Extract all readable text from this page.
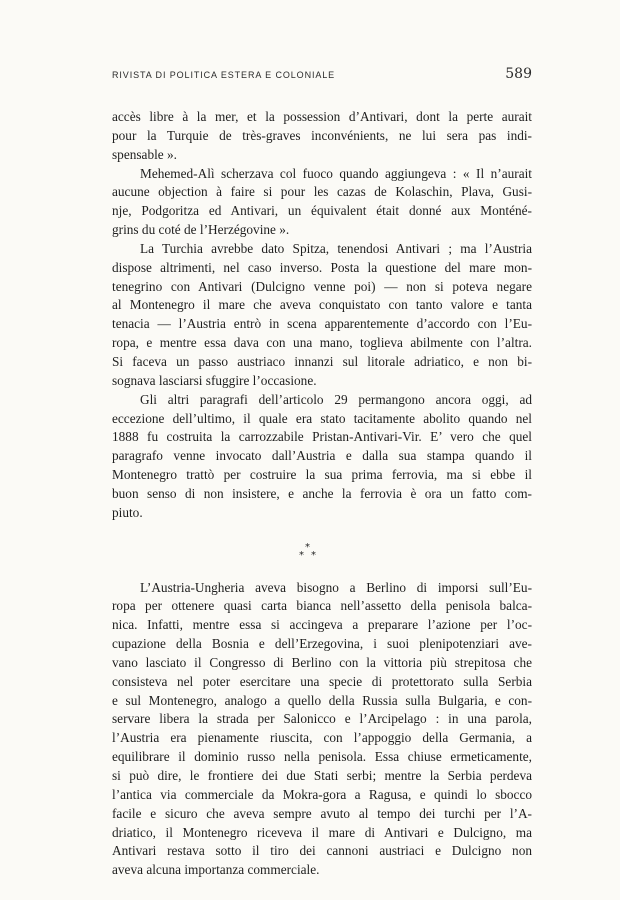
RIVISTA DI POLITICA ESTERA E COLONIALE	589
accès libre à la mer, et la possession d’Antivari, dont la perte aurait
pour la Turquie de très-graves inconvénients, ne lui sera pas indi-
spensable ».
Mehemed-Alì scherzava col fuoco quando aggiungeva : « Il n’aurait
aucune objection à faire si pour les cazas de Kolaschin, Plava, Gusi-
nje, Podgoritza ed Antivari, un équivalent était donné aux Monténé-
grins du coté de l’Herzégovine ».
La Turchia avrebbe dato Spitza, tenendosi Antivari ; ma l’Austria
dispose altrimenti, nel caso inverso. Posta la questione del mare mon-
tenegrino con Antivari (Dulcigno venne poi) — non si poteva negare
al Montenegro il mare che aveva conquistato con tanto valore e tanta
tenacia — l’Austria entrò in scena apparentemente d’accordo con l’Eu-
ropa, e mentre essa dava con una mano, toglieva abilmente con l’altra.
Si faceva un passo austriaco innanzi sul litorale adriatico, e non bi-
sognava lasciarsi sfuggire l’occasione.
Gli altri paragrafi dell’articolo 29 permangono ancora oggi, ad
eccezione dell’ultimo, il quale era stato tacitamente abolito quando nel
1888 fu costruita la carrozzabile Pristan-Antivari-Vir. E’ vero che quel
paragrafo venne invocato dall’Austria e dalla sua stampa quando il
Montenegro trattò per costruire la sua prima ferrovia, ma si ebbe il
buon senso di non insistere, e anche la ferrovia è ora un fatto com-
piuto.
*
* *
L’Austria-Ungheria aveva bisogno a Berlino di imporsi sull’Eu-
ropa per ottenere quasi carta bianca nell’assetto della penisola balca-
nica. Infatti, mentre essa si accingeva a preparare l’azione per l’oc-
cupazione della Bosnia e dell’Erzegovina, i suoi plenipotenziari ave-
vano lasciato il Congresso di Berlino con la vittoria più strepitosa che
consisteva nel poter esercitare una specie di protettorato sulla Serbia
e sul Montenegro, analogo a quello della Russia sulla Bulgaria, e con-
servare libera la strada per Salonicco e l’Arcipelago : in una parola,
l’Austria era pienamente riuscita, con l’appoggio della Germania, a
equilibrare il dominio russo nella penisola. Essa chiuse ermeticamente,
si può dire, le frontiere dei due Stati serbi; mentre la Serbia perdeva
l’antica via commerciale da Mokra-gora a Ragusa, e quindi lo sbocco
facile e sicuro che aveva sempre avuto al tempo dei turchi per l’A-
driatico, il Montenegro riceveva il mare di Antivari e Dulcigno, ma
Antivari restava sotto il tiro dei cannoni austriaci e Dulcigno non
aveva alcuna importanza commerciale.
